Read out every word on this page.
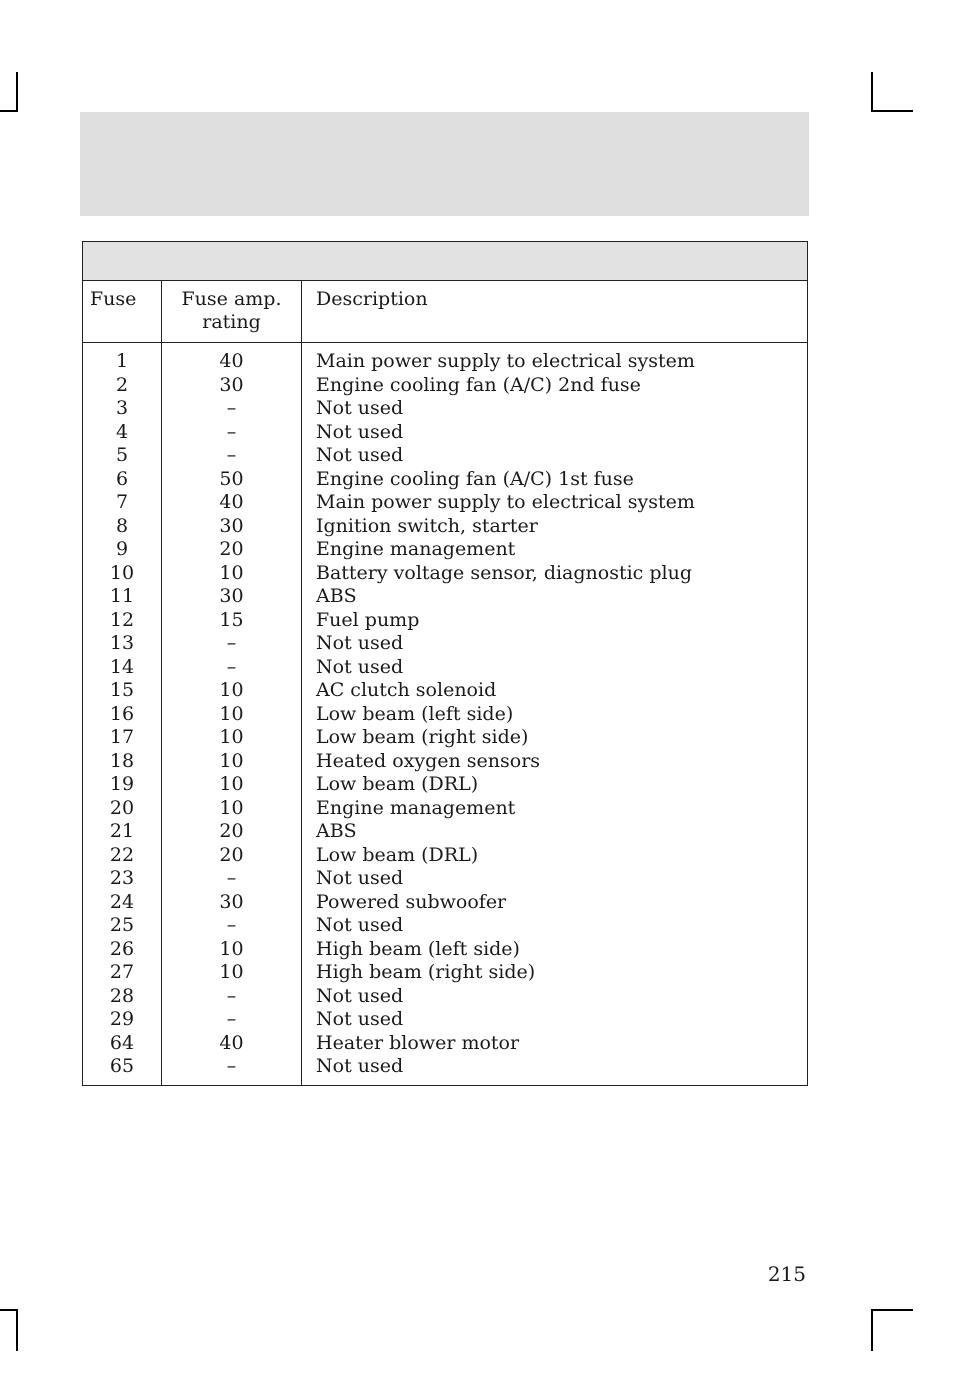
Fuse	Fuse amp.
rating
Description
1
2
3
4
5
6
7
8
9
10
11
12
13
14
15
16
17
18
19
20
21
22
23
24
25
26
27
28
29
64
65
40
30
–
–
–
50
40
30
20
10
30
15
–
–
10
10
10
10
10
10
20
20
–
30
–
10
10
–
–
40
–
Main power supply to electrical system
Engine cooling fan (A/C) 2nd fuse
Not used
Not used
Not used
Engine cooling fan (A/C) 1st fuse
Main power supply to electrical system
Ignition switch, starter
Engine management
Battery voltage sensor, diagnostic plug
ABS
Fuel pump
Not used
Not used
AC clutch solenoid
Low beam (left side)
Low beam (right side)
Heated oxygen sensors
Low beam (DRL)
Engine management
ABS
Low beam (DRL)
Not used
Powered subwoofer
Not used
High beam (left side)
High beam (right side)
Not used
Not used
Heater blower motor
Not used
215
